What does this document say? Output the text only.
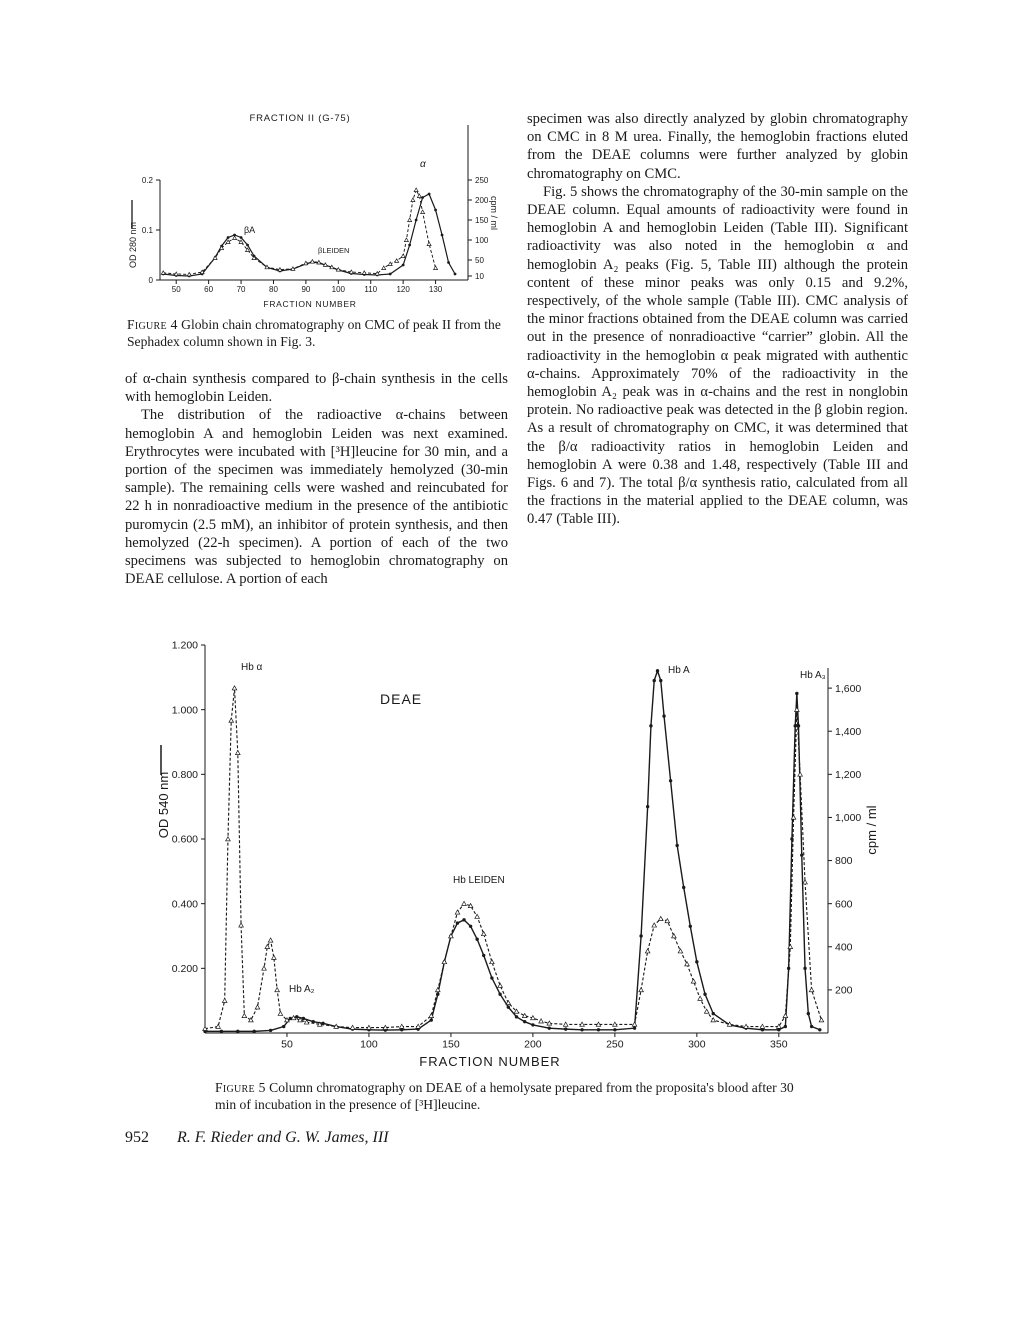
FRACTION II (G-75)
50	60	70	80	90	100 110 120 130
0
0.1
0.2
10
50
100
150
200
250
FRACTION NUMBER
OD 280 nm
cpm / ml
α
βA
βLEIDEN
Figure 4 Globin chain chromatography on CMC of peak II from the Sephadex column shown in Fig. 3.

of α-chain synthesis compared to β-chain synthesis in the cells with hemoglobin Leiden.

The distribution of the radioactive α-chains between hemoglobin A and hemoglobin Leiden was next examined. Erythrocytes were incubated with [³H]leucine for 30 min, and a portion of the specimen was immediately hemolyzed (30-min sample). The remaining cells were washed and reincubated for 22 h in nonradioactive medium in the presence of the antibiotic puromycin (2.5 mM), an inhibitor of protein synthesis, and then hemolyzed (22-h specimen). A portion of each of the two specimens was subjected to hemoglobin chromatography on DEAE cellulose. A portion of each

specimen was also directly analyzed by globin chromatography on CMC in 8 M urea. Finally, the hemoglobin fractions eluted from the DEAE columns were further analyzed by globin chromatography on CMC.

Fig. 5 shows the chromatography of the 30-min sample on the DEAE column. Equal amounts of radioactivity were found in hemoglobin A and hemoglobin Leiden (Table III). Significant radioactivity was also noted in the hemoglobin α and hemoglobin A₂ peaks (Fig. 5, Table III) although the protein content of these minor peaks was only 0.15 and 9.2%, respectively, of the whole sample (Table III). CMC analysis of the minor fractions obtained from the DEAE column was carried out in the presence of nonradioactive “carrier” globin. All the radioactivity in the hemoglobin α peak migrated with authentic α-chains. Approximately 70% of the radioactivity in the hemoglobin A₂ peak was in α-chains and the rest in nonglobin protein. No radioactive peak was detected in the β globin region. As a result of chromatography on CMC, it was determined that the β/α radioactivity ratios in hemoglobin Leiden and hemoglobin A were 0.38 and 1.48, respectively (Table III and Figs. 6 and 7). The total β/α synthesis ratio, calculated from all the fractions in the material applied to the DEAE column, was 0.47 (Table III).

50	100	150	200	250	300	350
0.200
0.400
0.600
0.800
1.000
1.200
200
400
600
800
1,000
1,200
1,400
1,600
DEAE
FRACTION NUMBER
OD 540 nm	cpm / ml
Hb α
Hb A₂
Hb LEIDEN
Hb A	Hb A₃
Figure 5 Column chromatography on DEAE of a hemolysate prepared from the proposita's blood after 30 min of incubation in the presence of [³H]leucine.
952 R. F. Rieder and G. W. James, III
